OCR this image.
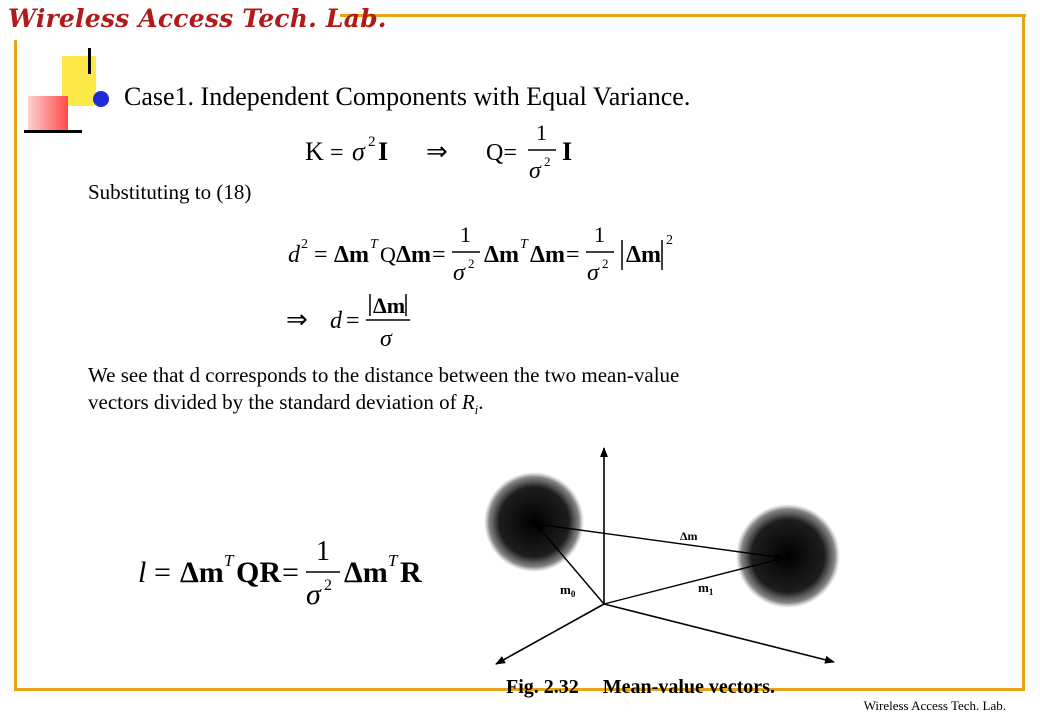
Wireless Access Tech. Lab.
Wireless Access Tech. Lab.
Case1. Independent Components with Equal Variance.
K = σ 2 I ⇒ Q=
1
σ 2 I
Substituting to (18)
d 2 = Δm T Q Δm =
1
σ 2 Δm T Δm =
1
σ 2 Δm
2
⇒ d =
Δm
σ
We see that d corresponds to the distance between the two mean-value
vectors divided by the standard deviation of $R_i$.
l = Δm T QR =
1
σ 2 Δm T R
Δm
$m_0$	$m_1$
Fig. 2.32 Mean-value vectors.
